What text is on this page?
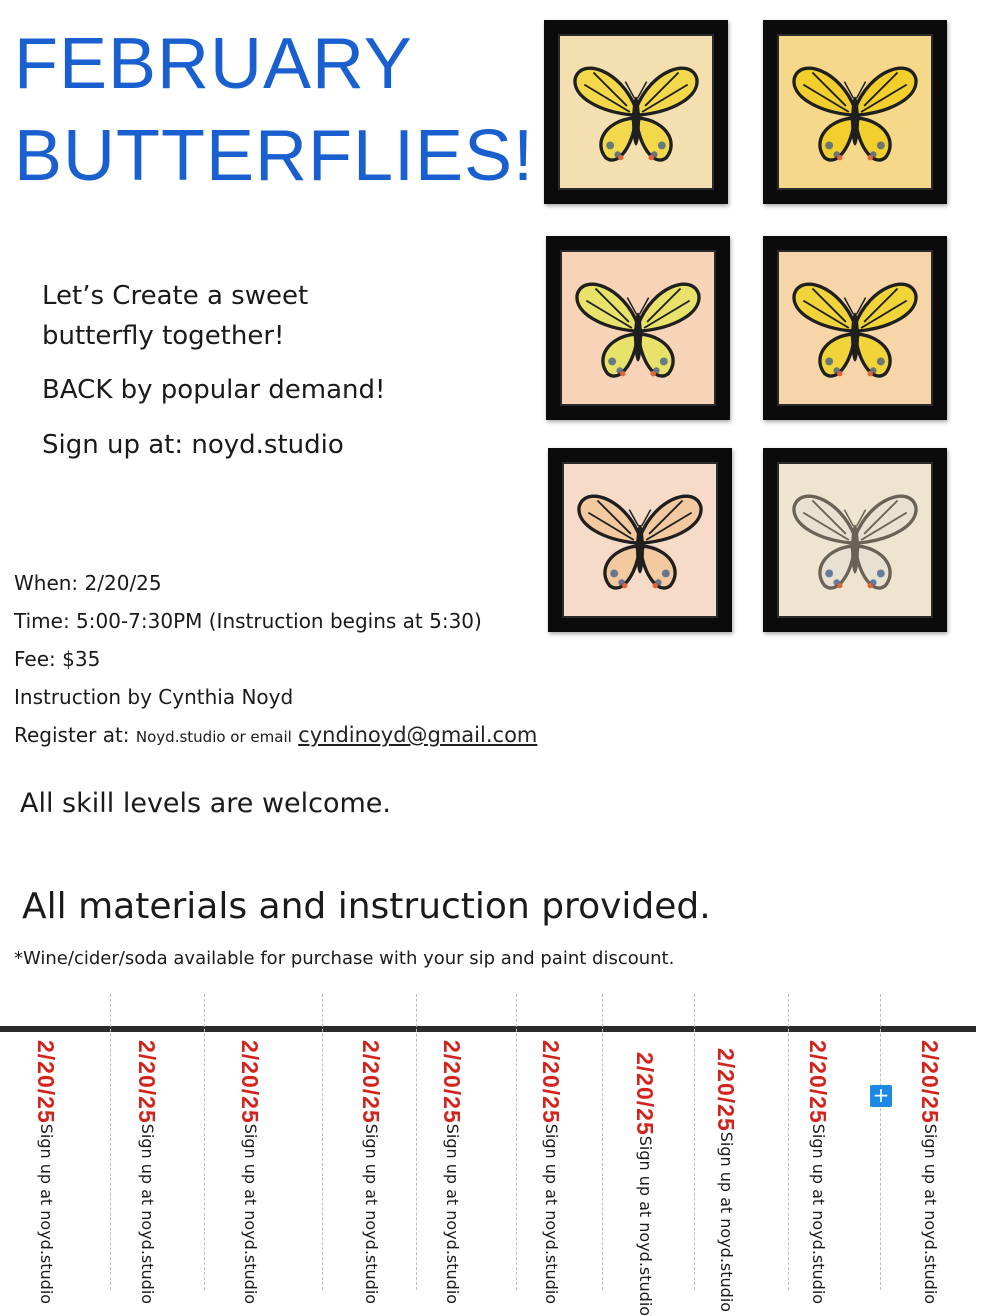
FEBRUARY
BUTTERFLIES!

Let’s Create a sweet

butterfly together!

BACK by popular demand!

Sign up at: noyd.studio

When: 2/20/25
Time: 5:00-7:30PM (Instruction begins at 5:30)
Fee: $35
Instruction by Cynthia Noyd
Register at: Noyd.studio or email cyndinoyd@gmail.com
All skill levels are welcome.
All materials and instruction provided.
*Wine/cider/soda available for purchase with your sip and paint discount.
2/20/25Sign up at noyd.studio
2/20/25Sign up at noyd.studio
2/20/25Sign up at noyd.studio
2/20/25Sign up at noyd.studio
2/20/25Sign up at noyd.studio
2/20/25Sign up at noyd.studio
2/20/25Sign up at noyd.studio
2/20/25Sign up at noyd.studio
2/20/25Sign up at noyd.studio
2/20/25Sign up at noyd.studio
+
